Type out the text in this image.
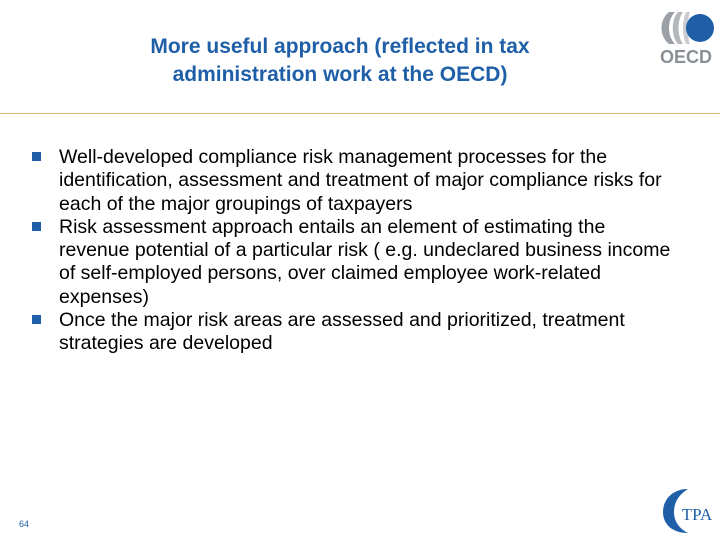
More useful approach (reflected in tax
administration work at the OECD)
OECD
Well-developed compliance risk management processes for the identification, assessment and treatment of major compliance risks for each of the major groupings of taxpayers
Risk assessment approach entails an element of estimating the revenue potential of a particular risk ( e.g. undeclared business income of self-employed persons, over claimed employee work-related expenses)
Once the major risk areas are assessed and prioritized, treatment strategies are developed
64	TPA
